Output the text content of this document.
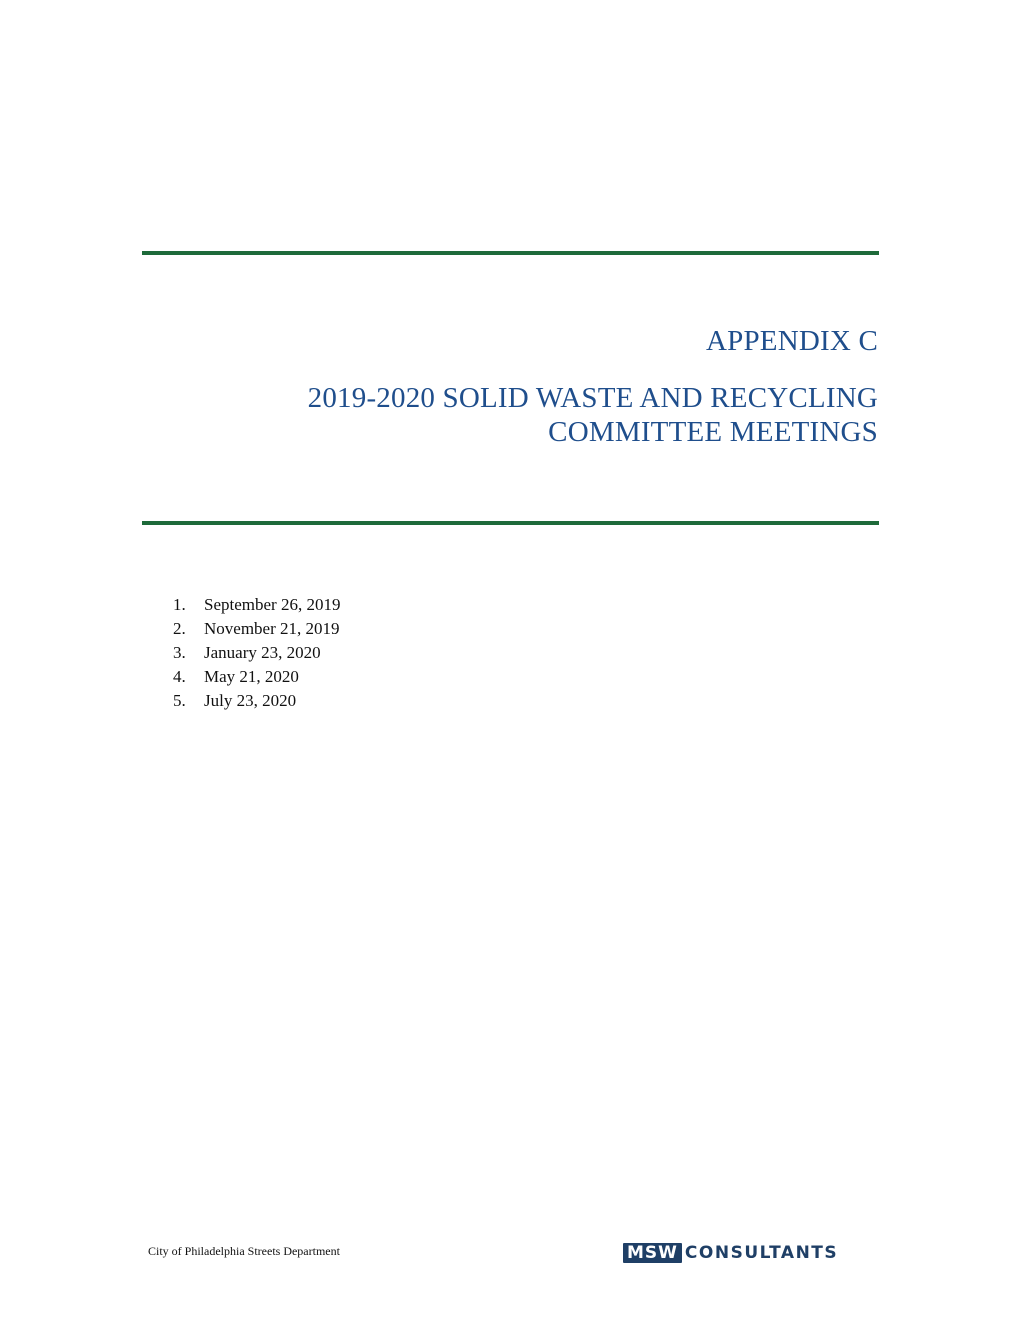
APPENDIX C
2019-2020 SOLID WASTE AND RECYCLING
COMMITTEE MEETINGS
1.	September 26, 2019
2.	November 21, 2019
3.	January 23, 2020
4.	May 21, 2020
5.	July 23, 2020
City of Philadelphia Streets Department	MSW CONSULTANTS
